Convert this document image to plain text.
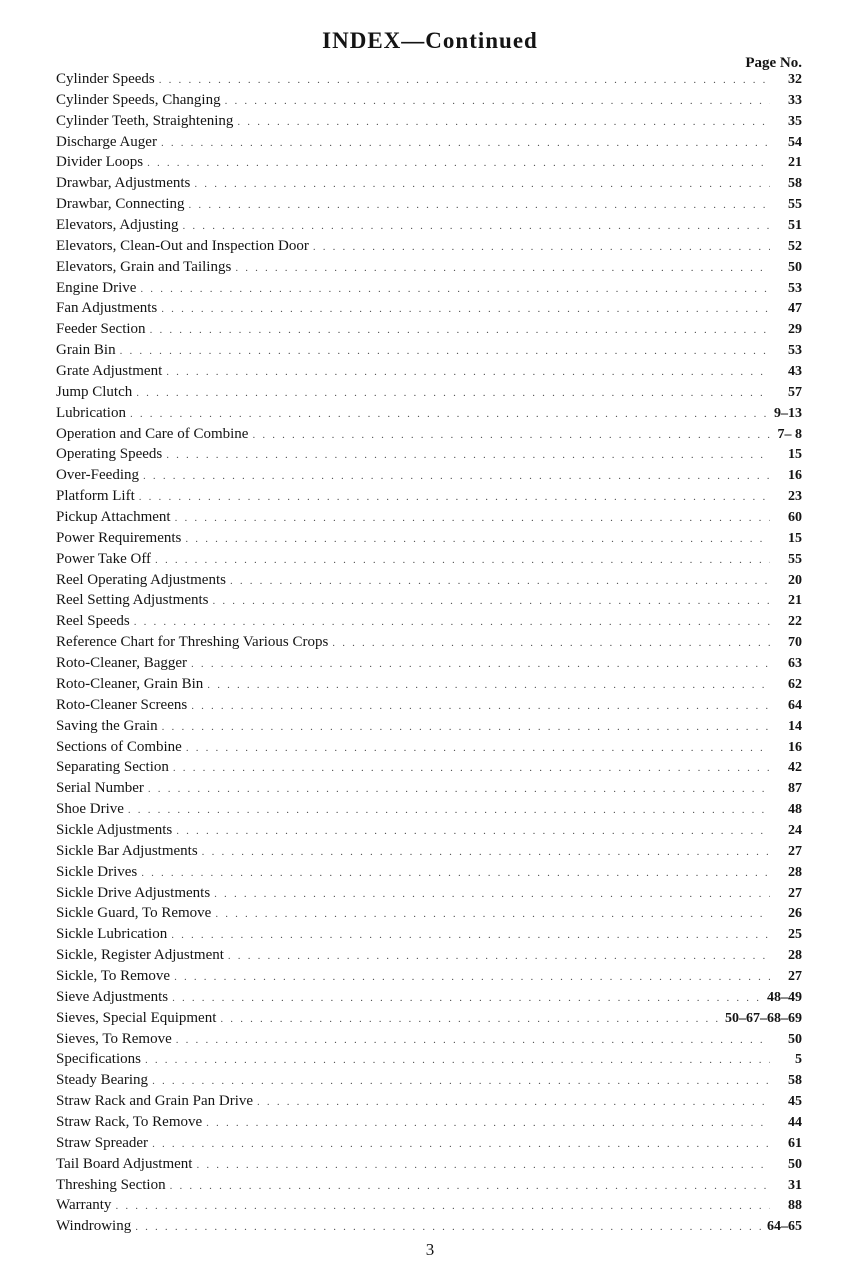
INDEX—Continued
Page No.
Cylinder Speeds . . .	32
Cylinder Speeds, Changing . . .	33
Cylinder Teeth, Straightening . . .	35
Discharge Auger . . .	54
Divider Loops . . .	21
Drawbar, Adjustments . . .	58
Drawbar, Connecting . . .	55
Elevators, Adjusting . . .	51
Elevators, Clean-Out and Inspection Door . . .	52
Elevators, Grain and Tailings . . .	50
Engine Drive . . .	53
Fan Adjustments . . .	47
Feeder Section . . .	29
Grain Bin . . .	53
Grate Adjustment . . .	43
Jump Clutch . . .	57
Lubrication . . .	9–13
Operation and Care of Combine . . .	7– 8
Operating Speeds . . .	15
Over-Feeding . . .	16
Platform Lift . . .	23
Pickup Attachment . . .	60
Power Requirements . . .	15
Power Take Off . . .	55
Reel Operating Adjustments . . .	20
Reel Setting Adjustments . . .	21
Reel Speeds . . .	22
Reference Chart for Threshing Various Crops . . .	70
Roto-Cleaner, Bagger . . .	63
Roto-Cleaner, Grain Bin . . .	62
Roto-Cleaner Screens . . .	64
Saving the Grain . . .	14
Sections of Combine . . .	16
Separating Section . . .	42
Serial Number . . .	87
Shoe Drive . . .	48
Sickle Adjustments . . .	24
Sickle Bar Adjustments . . .	27
Sickle Drives . . .	28
Sickle Drive Adjustments . . .	27
Sickle Guard, To Remove . . .	26
Sickle Lubrication . . .	25
Sickle, Register Adjustment . . .	28
Sickle, To Remove . . .	27
Sieve Adjustments . . .	48–49
Sieves, Special Equipment . . .	50–67–68–69
Sieves, To Remove . . .	50
Specifications . . .	5
Steady Bearing . . .	58
Straw Rack and Grain Pan Drive . . .	45
Straw Rack, To Remove . . .	44
Straw Spreader . . .	61
Tail Board Adjustment . . .	50
Threshing Section . . .	31
Warranty . . .	88
Windrowing . . .	64–65
3
